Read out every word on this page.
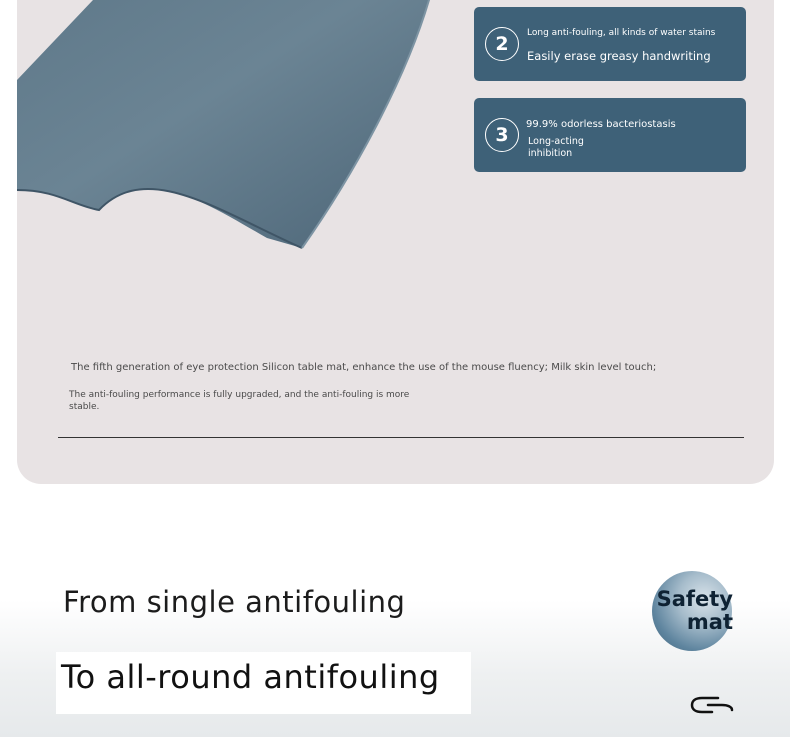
2	Long anti-fouling, all kinds of water stains
Easily erase greasy handwriting
3	99.9% odorless bacteriostasis
Long-acting inhibition
The fifth generation of eye protection Silicon table mat, enhance the use of the mouse fluency; Milk skin level touch;
The anti-fouling performance is fully upgraded, and the anti-fouling is more stable.
From single antifouling
To all-round antifouling
Safety
mat
